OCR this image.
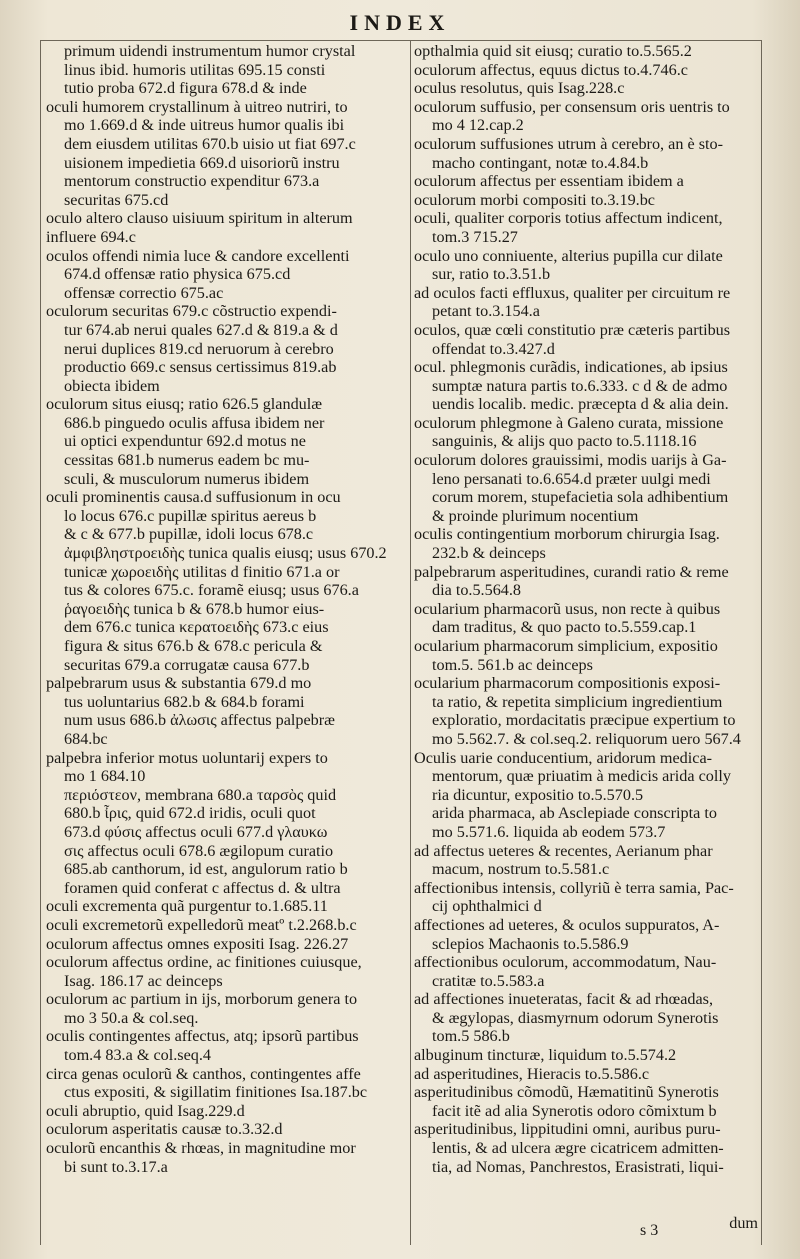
INDEX
primum uidendi instrumentum humor crystal
linus ibid. humoris utilitas 695.15 consti
tutio proba 672.d figura 678.d & inde
oculi humorem crystallinum à uitreo nutriri, to
mo 1.669.d & inde uitreus humor qualis ibi
dem eiusdem utilitas 670.b uisio ut fiat 697.c
uisionem impedietia 669.d uisoriorũ instru
mentorum constructio expenditur 673.a
securitas 675.cd
oculo altero clauso uisiuum spiritum in alterum
influere 694.c
oculos offendi nimia luce & candore excellenti
674.d offensæ ratio physica 675.cd
offensæ correctio 675.ac
oculorum securitas 679.c cõstructio expendi-
tur 674.ab nerui quales 627.d & 819.a & d
nerui duplices 819.cd neruorum à cerebro
productio 669.c sensus certissimus 819.ab
obiecta ibidem
oculorum situs eiusq; ratio 626.5 glandulæ
686.b pinguedo oculis affusa ibidem ner
ui optici expenduntur 692.d motus ne
cessitas 681.b numerus eadem bc mu-
sculi, & musculorum numerus ibidem
oculi prominentis causa.d suffusionum in ocu
lo locus 676.c pupillæ spiritus aereus b
& c & 677.b pupillæ, idoli locus 678.c
ἀμφιβληστροειδὴς tunica qualis eiusq; usus 670.2
tunicæ χωροειδὴς utilitas d finitio 671.a or
tus & colores 675.c. foramẽ eiusq; usus 676.a
ῥαγοειδὴς tunica b & 678.b humor eius-
dem 676.c tunica κερατοειδὴς 673.c eius
figura & situs 676.b & 678.c pericula &
securitas 679.a corrugatæ causa 677.b
palpebrarum usus & substantia 679.d mo
tus uoluntarius 682.b & 684.b forami
num usus 686.b ἀλωσις affectus palpebræ
684.bc
palpebra inferior motus uoluntarij expers to
mo 1 684.10
περιόστεον, membrana 680.a ταρσὸς quid
680.b ἶρις, quid 672.d iridis, oculi quot
673.d φύσις affectus oculi 677.d γλαυκω
σις affectus oculi 678.6 ægilopum curatio
685.ab canthorum, id est, angulorum ratio b
foramen quid conferat c affectus d. & ultra
oculi excrementa quã purgentur to.1.685.11
oculi excremetorũ expelledorũ meatº t.2.268.b.c
oculorum affectus omnes expositi Isag. 226.27
oculorum affectus ordine, ac finitiones cuiusque,
Isag. 186.17 ac deinceps
oculorum ac partium in ijs, morborum genera to
mo 3 50.a & col.seq.
oculis contingentes affectus, atq; ipsorũ partibus
tom.4 83.a & col.seq.4
circa genas oculorũ & canthos, contingentes affe
ctus expositi, & sigillatim finitiones Isa.187.bc
oculi abruptio, quid Isag.229.d
oculorum asperitatis causæ to.3.32.d
oculorũ encanthis & rhœas, in magnitudine mor
bi sunt to.3.17.a
opthalmia quid sit eiusq; curatio to.5.565.2
oculorum affectus, equus dictus to.4.746.c
oculus resolutus, quis Isag.228.c
oculorum suffusio, per consensum oris uentris to
mo 4 12.cap.2
oculorum suffusiones utrum à cerebro, an è sto-
macho contingant, notæ to.4.84.b
oculorum affectus per essentiam ibidem a
oculorum morbi compositi to.3.19.bc
oculi, qualiter corporis totius affectum indicent,
tom.3 715.27
oculo uno conniuente, alterius pupilla cur dilate
sur, ratio to.3.51.b
ad oculos facti effluxus, qualiter per circuitum re
petant to.3.154.a
oculos, quæ cœli constitutio præ cæteris partibus
offendat to.3.427.d
ocul. phlegmonis curãdis, indicationes, ab ipsius
sumptæ natura partis to.6.333. c d & de admo
uendis localib. medic. præcepta d & alia dein.
oculorum phlegmone à Galeno curata, missione
sanguinis, & alijs quo pacto to.5.1118.16
oculorum dolores grauissimi, modis uarijs à Ga-
leno persanati to.6.654.d præter uulgi medi
corum morem, stupefacietia sola adhibentium
& proinde plurimum nocentium
oculis contingentium morborum chirurgia Isag.
232.b & deinceps
palpebrarum asperitudines, curandi ratio & reme
dia to.5.564.8
ocularium pharmacorũ usus, non recte à quibus
dam traditus, & quo pacto to.5.559.cap.1
ocularium pharmacorum simplicium, expositio
tom.5. 561.b ac deinceps
ocularium pharmacorum compositionis exposi-
ta ratio, & repetita simplicium ingredientium
exploratio, mordacitatis præcipue expertium to
mo 5.562.7. & col.seq.2. reliquorum uero 567.4
Oculis uarie conducentium, aridorum medica-
mentorum, quæ priuatim à medicis arida colly
ria dicuntur, expositio to.5.570.5
arida pharmaca, ab Asclepiade conscripta to
mo 5.571.6. liquida ab eodem 573.7
ad affectus ueteres & recentes, Aerianum phar
macum, nostrum to.5.581.c
affectionibus intensis, collyriũ è terra samia, Pac-
cij ophthalmici d
affectiones ad ueteres, & oculos suppuratos, A-
sclepios Machaonis to.5.586.9
affectionibus oculorum, accommodatum, Nau-
cratitæ to.5.583.a
ad affectiones inueteratas, facit & ad rhœadas,
& ægylopas, diasmyrnum odorum Synerotis
tom.5 586.b
albuginum tincturæ, liquidum to.5.574.2
ad asperitudines, Hieracis to.5.586.c
asperitudinibus cõmodũ, Hæmatitinũ Synerotis
facit itẽ ad alia Synerotis odoro cõmixtum b
asperitudinibus, lippitudini omni, auribus puru-
lentis, & ad ulcera ægre cicatricem admitten-
tia, ad Nomas, Panchrestos, Erasistrati, liqui-
s 3	dum
